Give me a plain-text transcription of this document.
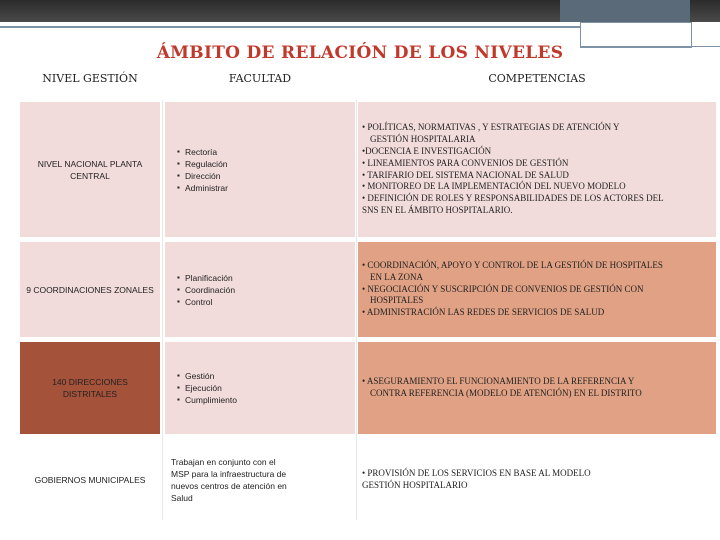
ÁMBITO DE RELACIÓN DE LOS NIVELES
NIVEL GESTIÓN	FACULTAD	COMPETENCIAS
NIVEL NACIONAL PLANTA CENTRAL
▪ Rectoría
▪ Regulación
▪ Dirección
▪ Administrar
• POLÍTICAS, NORMATIVAS , Y ESTRATEGIAS DE ATENCIÓN Y
GESTIÓN HOSPITALARIA
•DOCENCIA E INVESTIGACIÓN
• LINEAMIENTOS PARA CONVENIOS DE GESTIÓN
• TARIFARIO DEL SISTEMA NACIONAL DE SALUD
• MONITOREO DE LA IMPLEMENTACIÓN DEL NUEVO MODELO
• DEFINICIÓN DE ROLES Y RESPONSABILIDADES DE LOS ACTORES DEL
SNS EN EL ÁMBITO HOSPITALARIO.
9 COORDINACIONES ZONALES
▪ Planificación
▪ Coordinación
▪ Control
• COORDINACIÓN, APOYO Y CONTROL DE LA GESTIÓN DE HOSPITALES
EN LA ZONA
• NEGOCIACIÓN Y SUSCRIPCIÓN DE CONVENIOS DE GESTIÓN CON
HOSPITALES
• ADMINISTRACIÓN LAS REDES DE SERVICIOS DE SALUD
140 DIRECCIONES DISTRITALES
▪ Gestión
▪ Ejecución
▪ Cumplimiento
• ASEGURAMIENTO EL FUNCIONAMIENTO DE LA REFERENCIA Y
CONTRA REFERENCIA (MODELO DE ATENCIÓN) EN EL DISTRITO
GOBIERNOS MUNICIPALES
Trabajan en conjunto con el MSP para la infraestructura de nuevos centros de atención en Salud
• PROVISIÓN DE LOS SERVICIOS EN BASE AL MODELO
GESTIÓN HOSPITALARIO
